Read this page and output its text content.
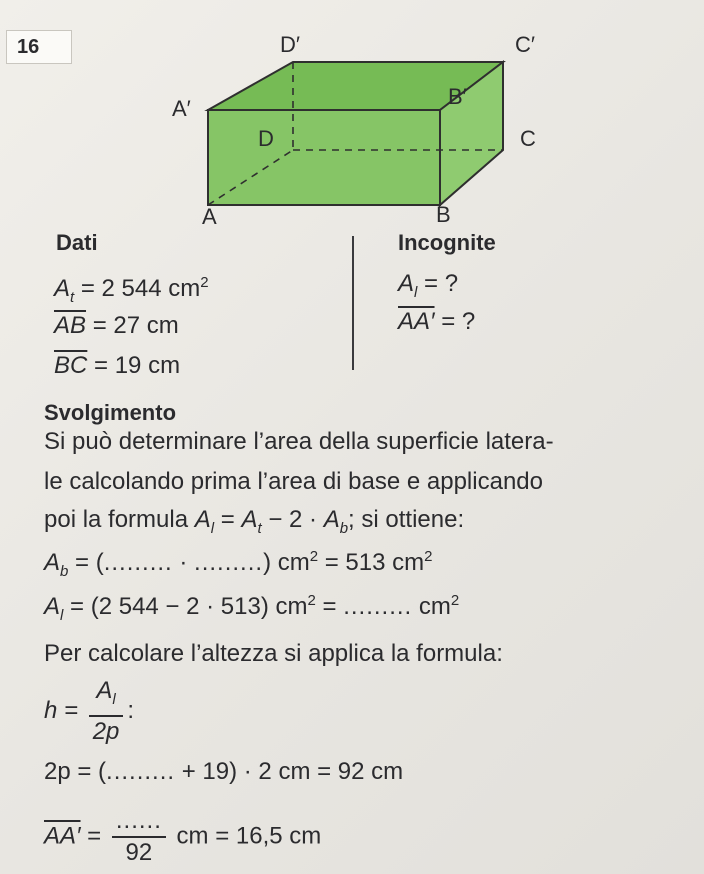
16	D′	C′
A′	B′
D	C
A	B
Dati	Incognite
$A_t = 2$ 544 $cm^2$
$\overline{AB} = 27$ cm
$\overline{BC} = 19$ cm
$A_l$ = ?
AA′ = ?
Svolgimento
Si può determinare l’area della superficie latera-
le calcolando prima l’area di base e applicando
poi la formula $A_l = A_t - 2 \cdot A_b$; si ottiene:
$A_b$ = (......... · .........) $cm^2 = 513$ $cm^2$
$A_l = (2$ 544 − 2 · 513) $cm^2$ = ......... $cm^2$
Per calcolare l’altezza si applica la formula:
$h = \frac{A_l}{2p}$ :
2p = (......... + 19) · 2 cm = 92 cm
$AA' = \frac{......}{92}$ cm = 16,5 cm
